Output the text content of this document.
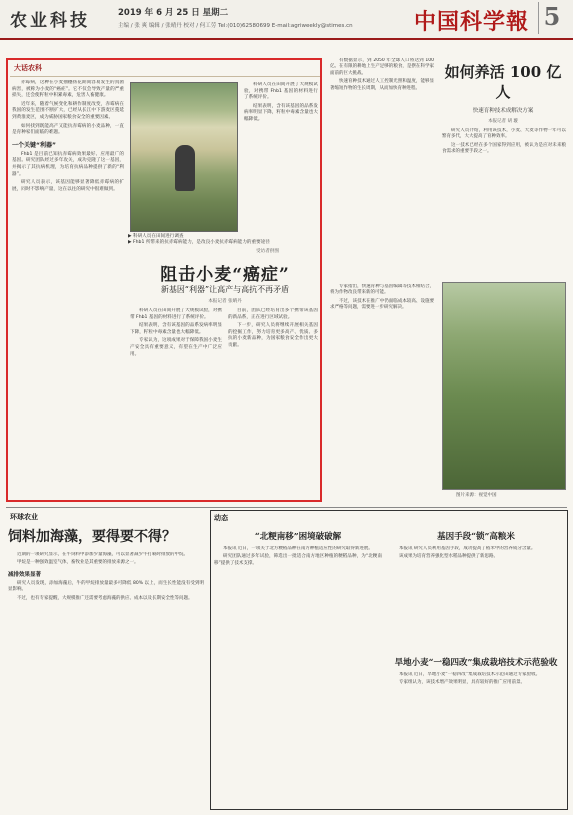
农业科技	2019 年 6 月 25 日 星期二
主编 / 张 爽 编辑 / 张晴丹 校对 / 何工劳 Tel:(010)62580699 E-mail:agriweekly@stimes.cn	中国科学報 5
大话农科

赤霉病，这种在小麦抽穗扬花期间容易发生的真菌病害，被称为小麦的“癌症”。它不仅会导致产量的严重损失，还会使籽粒中积累毒素，危害人畜健康。

近年来，随着气候变化和耕作制度改变，赤霉病在我国的发生范围不断扩大，已经从长江中下游麦区蔓延到黄淮麦区，成为威胁国家粮食安全的重要因素。

如何找到既能高产又能抗赤霉病的小麦品种，一直是育种家们面临的难题。

一个关键“利器”

Fhb1 是目前已知抗赤霉病效果最好、应用最广的基因。研究团队经过多年攻关，成功克隆了这一基因，并揭示了其抗病机理，为培育抗病品种提供了新的“利器”。

研究人员表示，该基因能够显著降低赤霉病的扩展，同时不影响产量，这在以往的研究中很难做到。

▶ 科研人员在田间进行调查
▶ Fhb1 所带来的抗赤霉病能力，是改良小麦抗赤霉病能力的重要途径
受访者供图

科研人员在田间开展了大规模试验，对携带 Fhb1 基因的材料进行了系统评价。

结果表明，含有该基因的品系发病率明显下降，籽粒中毒素含量也大幅降低。

阻击小麦“癌症”
新基因“利器”让高产与高抗不再矛盾
本报记者 张晴丹

科研人员在田间开展了大规模试验，对携带 Fhb1 基因的材料进行了系统评价。

结果表明，含有该基因的品系发病率明显下降，籽粒中毒素含量也大幅降低。

专家认为，这项成果对于保障我国小麦生产安全具有重要意义，有望在生产中广泛应用。

目前，团队已经培育出多个携带该基因的新品系，正在进行区域试验。

下一步，研究人员将继续开展相关基因的挖掘工作，努力培育更多高产、优质、多抗的小麦新品种，为国家粮食安全作出更大贡献。

有数据显示，到 2050 年全球人口将达到 100 亿。在有限的耕地上生产足够的粮食，是摆在科学家面前的巨大挑战。

快速育种技术通过人工控制光照和温度，能够显著缩短作物的生长周期，从而加快育种进程。

如何养活 100 亿人
快速育种技术成解决方案
本报记者 胡 璇

研究人员介绍，利用该技术，小麦、大麦等作物一年可以繁育多代，大大提高了育种效率。

这一技术已经在多个国家得到应用，被认为是应对未来粮食需求的重要手段之一。

专家指出，快速育种与基因编辑等技术相结合，将为作物改良带来新的可能。

不过，该技术在推广中仍面临成本较高、设施要求严格等问题，需要进一步研究解决。

图片来源：视觉中国
环球农业
饲料加海藻，要得要不得？

近期的一项研究显示，在牛饲料中添加少量海藻，可以显著减少牛打嗝时排放的甲烷。

甲烷是一种强效温室气体，畜牧业是其重要的排放来源之一。

减排效果显著

研究人员发现，添加海藻后，牛的甲烷排放量最多可降低 80% 以上，而生长性能没有受到明显影响。

不过，也有专家提醒，大规模推广还需要考虑海藻的供应、成本以及长期安全性等问题。

动态
“北粳南移”困境破破解

本报讯 近日，一项关于北方粳稻品种在南方种植适应性的研究取得新进展。

研究团队通过多年试验，筛选出一批适合南方地区种植的粳稻品种，为“北粳南移”提供了技术支撑。

基因手段“锁”高粮米

本报讯 研究人员利用基因手段，成功提高了稻米中的营养成分含量。

该成果为培育营养强化型水稻品种提供了新思路。

旱地小麦“一稳四改”集成栽培技术示范验收

本报讯 近日，旱地小麦“一稳四改”集成栽培技术示范田通过专家验收。

专家组认为，该技术增产效果明显，具有较好的推广应用前景。
